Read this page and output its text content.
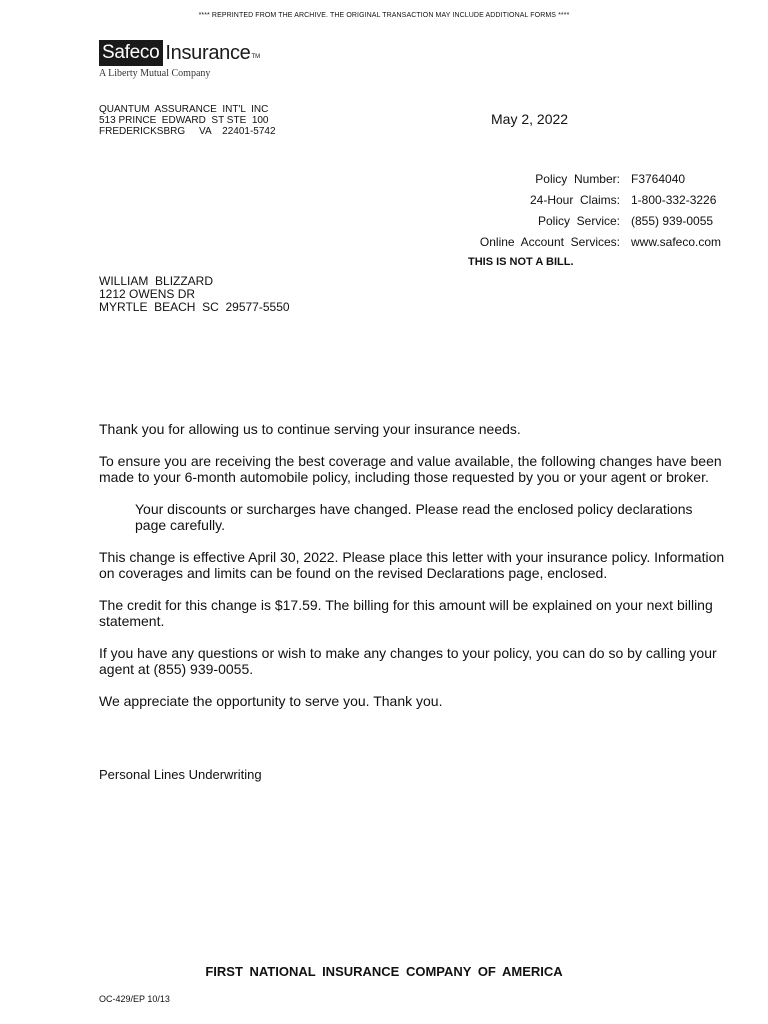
**** REPRINTED FROM THE ARCHIVE. THE ORIGINAL TRANSACTION MAY INCLUDE ADDITIONAL FORMS ****
Safeco Insurance TM
A Liberty Mutual Company
QUANTUM  ASSURANCE  INT'L  INC
513 PRINCE  EDWARD  ST STE  100
FREDERICKSBRG     VA    22401-5742
May 2, 2022
Policy  Number: F3764040
24-Hour  Claims: 1-800-332-3226
Policy  Service: (855) 939-0055
Online  Account  Services: www.safeco.com
THIS IS NOT A BILL.
WILLIAM  BLIZZARD
1212 OWENS DR
MYRTLE  BEACH  SC  29577-5550

Thank you for allowing us to continue serving your insurance needs.

To ensure you are receiving the best coverage and value available, the following changes have been made to your 6-month automobile policy, including those requested by you or your agent or broker.

Your discounts or surcharges have changed. Please read the enclosed policy declarations page carefully.

This change is effective April 30, 2022. Please place this letter with your insurance policy. Information on coverages and limits can be found on the revised Declarations page, enclosed.

The credit for this change is $17.59. The billing for this amount will be explained on your next billing statement.

If you have any questions or wish to make any changes to your policy, you can do so by calling your agent at (855) 939-0055.

We appreciate the opportunity to serve you. Thank you.

Personal Lines Underwriting
FIRST NATIONAL INSURANCE COMPANY OF AMERICA
OC-429/EP 10/13
